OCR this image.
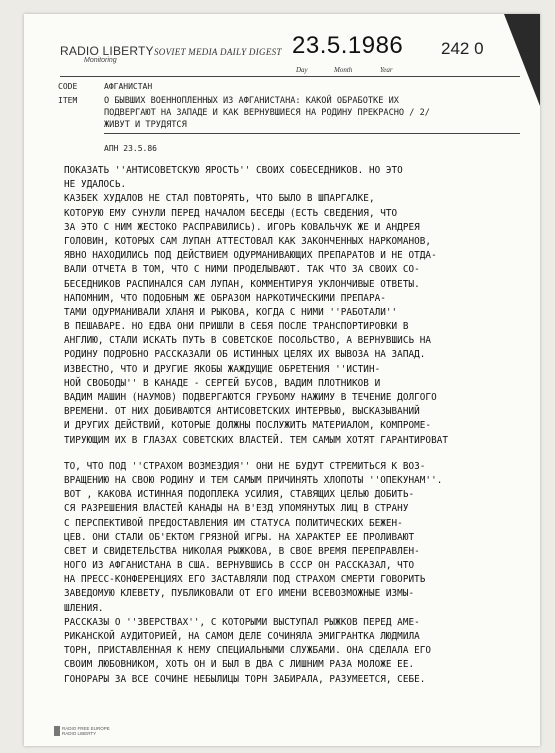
RADIO LIBERTY
Monitoring
SOVIET MEDIA DAILY DIGEST 23.5.1986 242 0
Day	Month	Year
CODE	АФГАНИСТАН
ITEM	О БЫВШИХ ВОЕННОПЛЕННЫХ ИЗ АФГАНИСТАНА: КАКОЙ ОБРАБОТКЕ ИХ
ПОДВЕРГАЮТ НА ЗАПАДЕ И КАК ВЕРНУВШИЕСЯ НА РОДИНУ ПРЕКРАСНО / 2/
ЖИВУТ И ТРУДЯТСЯ
АПН 23.5.86
ПОКАЗАТЬ ''АНТИСОВЕТСКУЮ ЯРОСТЬ'' СВОИХ СОБЕСЕДНИКОВ. НО ЭТО
НЕ УДАЛОСЬ.
КАЗБЕК ХУДАЛОВ НЕ СТАЛ ПОВТОРЯТЬ, ЧТО БЫЛО В ШПАРГАЛКЕ,
КОТОРУЮ ЕМУ СУНУЛИ ПЕРЕД НАЧАЛОМ БЕСЕДЫ (ЕСТЬ СВЕДЕНИЯ, ЧТО
ЗА ЭТО С НИМ ЖЕСТОКО РАСПРАВИЛИСЬ). ИГОРЬ КОВАЛЬЧУК ЖЕ И АНДРЕЯ
ГОЛОВИН, КОТОРЫХ САМ ЛУПАН АТТЕСТОВАЛ КАК ЗАКОНЧЕННЫХ НАРКОМАНОВ,
ЯВНО НАХОДИЛИСЬ ПОД ДЕЙСТВИЕМ ОДУРМАНИВАЮЩИХ ПРЕПАРАТОВ И НЕ ОТДА-
ВАЛИ ОТЧЕТА В ТОМ, ЧТО С НИМИ ПРОДЕЛЫВАЮТ. ТАК ЧТО ЗА СВОИХ СО-
БЕСЕДНИКОВ РАСПИНАЛСЯ САМ ЛУПАН, КОММЕНТИРУЯ УКЛОНЧИВЫЕ ОТВЕТЫ.
НАПОМНИМ, ЧТО ПОДОБНЫМ ЖЕ ОБРАЗОМ НАРКОТИЧЕСКИМИ ПРЕПАРА-
ТАМИ ОДУРМАНИВАЛИ ХЛАНЯ И РЫКОВА, КОГДА С НИМИ ''РАБОТАЛИ''
В ПЕШАВАРЕ. НО ЕДВА ОНИ ПРИШЛИ В СЕБЯ ПОСЛЕ ТРАНСПОРТИРОВКИ В
АНГЛИЮ, СТАЛИ ИСКАТЬ ПУТЬ В СОВЕТСКОЕ ПОСОЛЬСТВО, А ВЕРНУВШИСЬ НА
РОДИНУ ПОДРОБНО РАССКАЗАЛИ ОБ ИСТИННЫХ ЦЕЛЯХ ИХ ВЫВОЗА НА ЗАПАД.
ИЗВЕСТНО, ЧТО И ДРУГИЕ ЯКОБЫ ЖАЖДУЩИЕ ОБРЕТЕНИЯ ''ИСТИН-
НОЙ СВОБОДЫ'' В КАНАДЕ - СЕРГЕЙ БУСОВ, ВАДИМ ПЛОТНИКОВ И
ВАДИМ МАШИН (НАУМОВ) ПОДВЕРГАЮТСЯ ГРУБОМУ НАЖИМУ В ТЕЧЕНИЕ ДОЛГОГО
ВРЕМЕНИ. ОТ НИХ ДОБИВАЮТСЯ АНТИСОВЕТСКИХ ИНТЕРВЬЮ, ВЫСКАЗЫВАНИЙ
И ДРУГИХ ДЕЙСТВИЙ, КОТОРЫЕ ДОЛЖНЫ ПОСЛУЖИТЬ МАТЕРИАЛОМ, КОМПРОМЕ-
ТИРУЮЩИМ ИХ В ГЛАЗАХ СОВЕТСКИХ ВЛАСТЕЙ. ТЕМ САМЫМ ХОТЯТ ГАРАНТИРОВАТ
ТО, ЧТО ПОД ''СТРАХОМ ВОЗМЕЗДИЯ'' ОНИ НЕ БУДУТ СТРЕМИТЬСЯ К ВОЗ-
ВРАЩЕНИЮ НА СВОЮ РОДИНУ И ТЕМ САМЫМ ПРИЧИНЯТЬ ХЛОПОТЫ ''ОПЕКУНАМ''.
ВОТ , КАКОВА ИСТИННАЯ ПОДОПЛЕКА УСИЛИЯ, СТАВЯЩИХ ЦЕЛЬЮ ДОБИТЬ-
СЯ РАЗРЕШЕНИЯ ВЛАСТЕЙ КАНАДЫ НА В'ЕЗД УПОМЯНУТЫХ ЛИЦ В СТРАНУ
С ПЕРСПЕКТИВОЙ ПРЕДОСТАВЛЕНИЯ ИМ СТАТУСА ПОЛИТИЧЕСКИХ БЕЖЕН-
ЦЕВ. ОНИ СТАЛИ ОБ'ЕКТОМ ГРЯЗНОЙ ИГРЫ. НА ХАРАКТЕР ЕЕ ПРОЛИВАЮТ
СВЕТ И СВИДЕТЕЛЬСТВА НИКОЛАЯ РЫЖКОВА, В СВОЕ ВРЕМЯ ПЕРЕПРАВЛЕН-
НОГО ИЗ АФГАНИСТАНА В США. ВЕРНУВШИСЬ В СССР ОН РАССКАЗАЛ, ЧТО
НА ПРЕСС-КОНФЕРЕНЦИЯХ ЕГО ЗАСТАВЛЯЛИ ПОД СТРАХОМ СМЕРТИ ГОВОРИТЬ
ЗАВЕДОМУЮ КЛЕВЕТУ, ПУБЛИКОВАЛИ ОТ ЕГО ИМЕНИ ВСЕВОЗМОЖНЫЕ ИЗМЫ-
ШЛЕНИЯ.
РАССКАЗЫ О ''ЗВЕРСТВАХ'', С КОТОРЫМИ ВЫСТУПАЛ РЫЖКОВ ПЕРЕД АМЕ-
РИКАНСКОЙ АУДИТОРИЕЙ, НА САМОМ ДЕЛЕ СОЧИНЯЛА ЭМИГРАНТКА ЛЮДМИЛА
ТОРН, ПРИСТАВЛЕННАЯ К НЕМУ СПЕЦИАЛЬНЫМИ СЛУЖБАМИ. ОНА СДЕЛАЛА ЕГО
СВОИМ ЛЮБОВНИКОМ, ХОТЬ ОН И БЫЛ В ДВА С ЛИШНИМ РАЗА МОЛОЖЕ ЕЕ.
ГОНОРАРЫ ЗА ВСЕ СОЧИНЕ НЕБЫЛИЦЫ ТОРН ЗАБИРАЛА, РАЗУМЕЕТСЯ, СЕБЕ.
RADIO FREE EUROPE
RADIO LIBERTY
